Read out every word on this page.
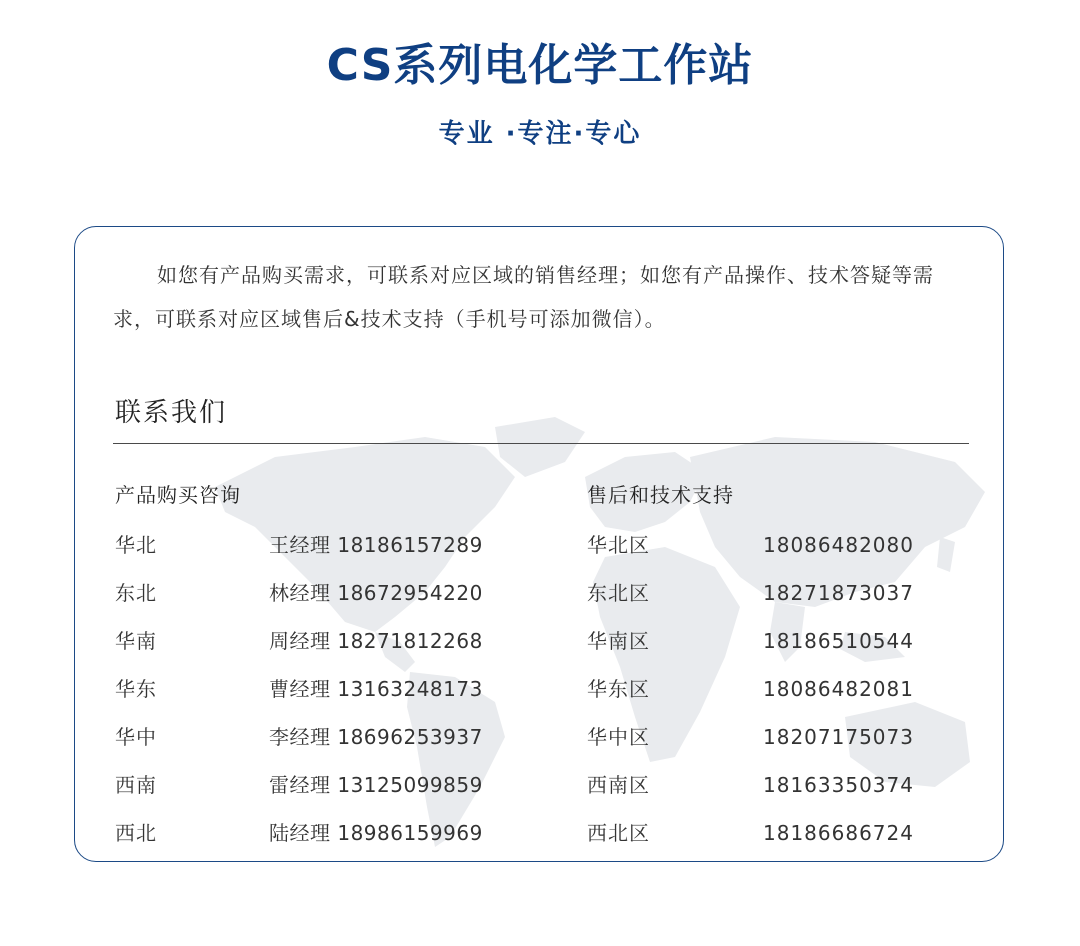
CS系列电化学工作站
专业 ·专注·专心
如您有产品购买需求，可联系对应区域的销售经理；如您有产品操作、技术答疑等需求，可联系对应区域售后&技术支持（手机号可添加微信）。
联系我们
产品购买咨询	售后和技术支持
华北	王经理 18186157289
东北	林经理 18672954220
华南	周经理 18271812268
华东	曹经理 13163248173
华中	李经理 18696253937
西南	雷经理 13125099859
西北	陆经理 18986159969
华北区	18086482080
东北区	18271873037
华南区	18186510544
华东区	18086482081
华中区	18207175073
西南区	18163350374
西北区	18186686724
